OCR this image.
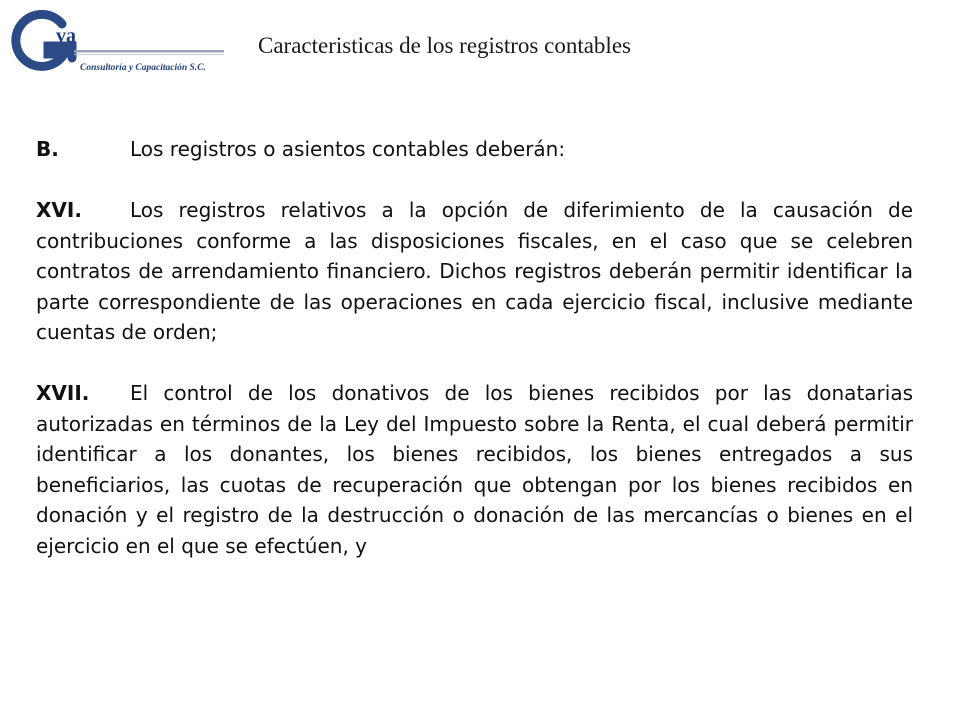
va
Consultoría y Capacitación S.C.
Caracteristicas de los registros contables

B.	Los registros o asientos contables deberán:

XVI. Los registros relativos a la opción de diferimiento de la causación de contribuciones conforme a las disposiciones fiscales, en el caso que se celebren contratos de arrendamiento financiero. Dichos registros deberán permitir identificar la parte correspondiente de las operaciones en cada ejercicio fiscal, inclusive mediante cuentas de orden;

XVII. El control de los donativos de los bienes recibidos por las donatarias autorizadas en términos de la Ley del Impuesto sobre la Renta, el cual deberá permitir identificar a los donantes, los bienes recibidos, los bienes entregados a sus beneficiarios, las cuotas de recuperación que obtengan por los bienes recibidos en donación y el registro de la destrucción o donación de las mercancías o bienes en el ejercicio en el que se efectúen, y
